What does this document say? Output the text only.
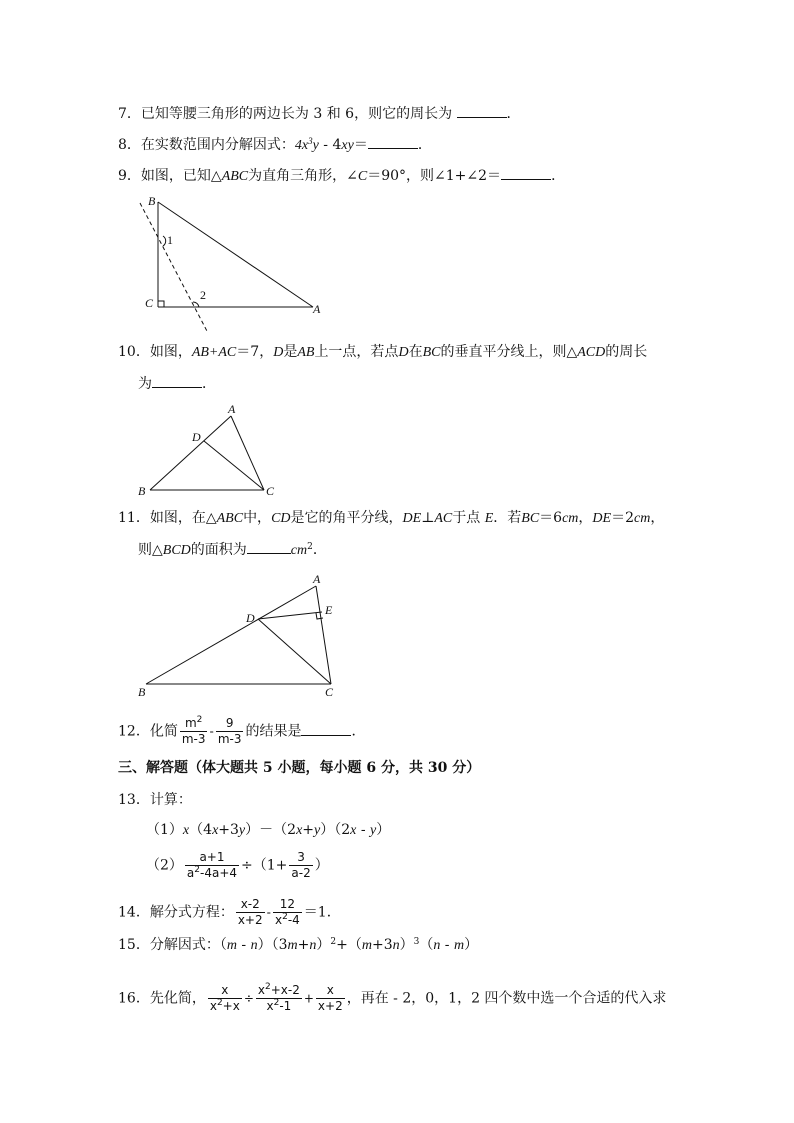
7．已知等腰三角形的两边长为 3 和 6，则它的周长为	．
8．在实数范围内分解因式：$4x^3y - 4xy=$	．
9．如图，已知△ABC为直角三角形，∠C＝90°，则∠1+∠2＝	．
B
C	A
1
2
10．如图，AB+AC＝7，D是AB上一点，若点D在BC的垂直平分线上，则△ACD的周长
为	．
A
B	C
D
11．如图，在△ABC中，CD是它的角平分线，DE⊥AC于点 E．若BC＝6cm，DE＝2cm，
则△BCD的面积为	$cm^2$．
A
B	C
D
E
12．化简 $\frac{m^2}{m-3} - \frac{9}{m-3}$ 的结果是	．
三、解答题（体大题共 5 小题，每小题 6 分，共 30 分）
13．计算：
（1）x（4x+3y）－（2x+y）（2x - y）
$(2) \frac{a+1}{a^2-4a+4} \div(1+ \frac{3}{a-2}$ ）
14．解分式方程： $\frac{x-2}{x+2} - \frac{12}{x^2-4} =1$．
15．分解因式：$(m - n)(3m+n)^2+(m+3n)^3(n - m)$
16．先化简， $\frac{x}{x^2+x} \div \frac{x^2+x-2}{x^2-1} + \frac{x}{x+2}$ ，再在 - 2，0，1，2 四个数中选一个合适的代入求
